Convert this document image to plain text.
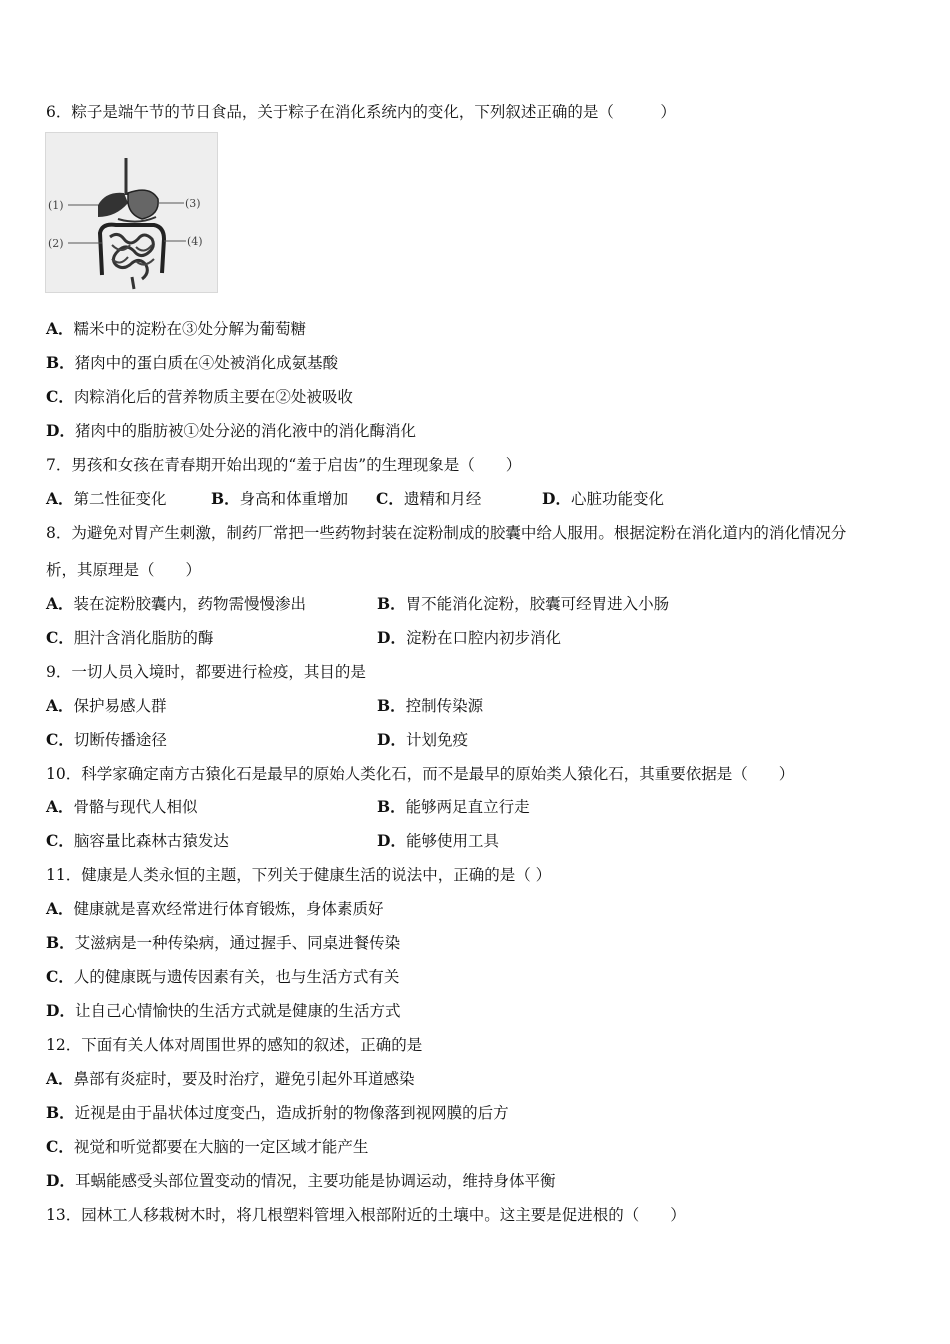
6．粽子是端午节的节日食品，关于粽子在消化系统内的变化，下列叙述正确的是（　　　）
(1)
(2)
(3)
(4)
A．糯米中的淀粉在③处分解为葡萄糖
B．猪肉中的蛋白质在④处被消化成氨基酸
C．肉粽消化后的营养物质主要在②处被吸收
D．猪肉中的脂肪被①处分泌的消化液中的消化酶消化
7．男孩和女孩在青春期开始出现的“羞于启齿”的生理现象是（　　）
A．第二性征变化	B．身高和体重增加 C．遗精和月经	D．心脏功能变化
8．为避免对胃产生刺激，制药厂常把一些药物封装在淀粉制成的胶囊中给人服用。根据淀粉在消化道内的消化情况分
析，其原理是（　　）
A．装在淀粉胶囊内，药物需慢慢渗出	B．胃不能消化淀粉，胶囊可经胃进入小肠
C．胆汁含消化脂肪的酶	D．淀粉在口腔内初步消化
9．一切人员入境时，都要进行检疫，其目的是
A．保护易感人群	B．控制传染源
C．切断传播途径	D．计划免疫
10．科学家确定南方古猿化石是最早的原始人类化石，而不是最早的原始类人猿化石，其重要依据是（　　）
A．骨骼与现代人相似	B．能够两足直立行走
C．脑容量比森林古猿发达	D．能够使用工具
11．健康是人类永恒的主题，下列关于健康生活的说法中，正确的是（ ）
A．健康就是喜欢经常进行体育锻炼，身体素质好
B．艾滋病是一种传染病，通过握手、同桌进餐传染
C．人的健康既与遗传因素有关，也与生活方式有关
D．让自己心情愉快的生活方式就是健康的生活方式
12．下面有关人体对周围世界的感知的叙述，正确的是
A．鼻部有炎症时，要及时治疗，避免引起外耳道感染
B．近视是由于晶状体过度变凸，造成折射的物像落到视网膜的后方
C．视觉和听觉都要在大脑的一定区域才能产生
D．耳蜗能感受头部位置变动的情况，主要功能是协调运动，维持身体平衡
13．园林工人移栽树木时，将几根塑料管埋入根部附近的土壤中。这主要是促进根的（　　）
